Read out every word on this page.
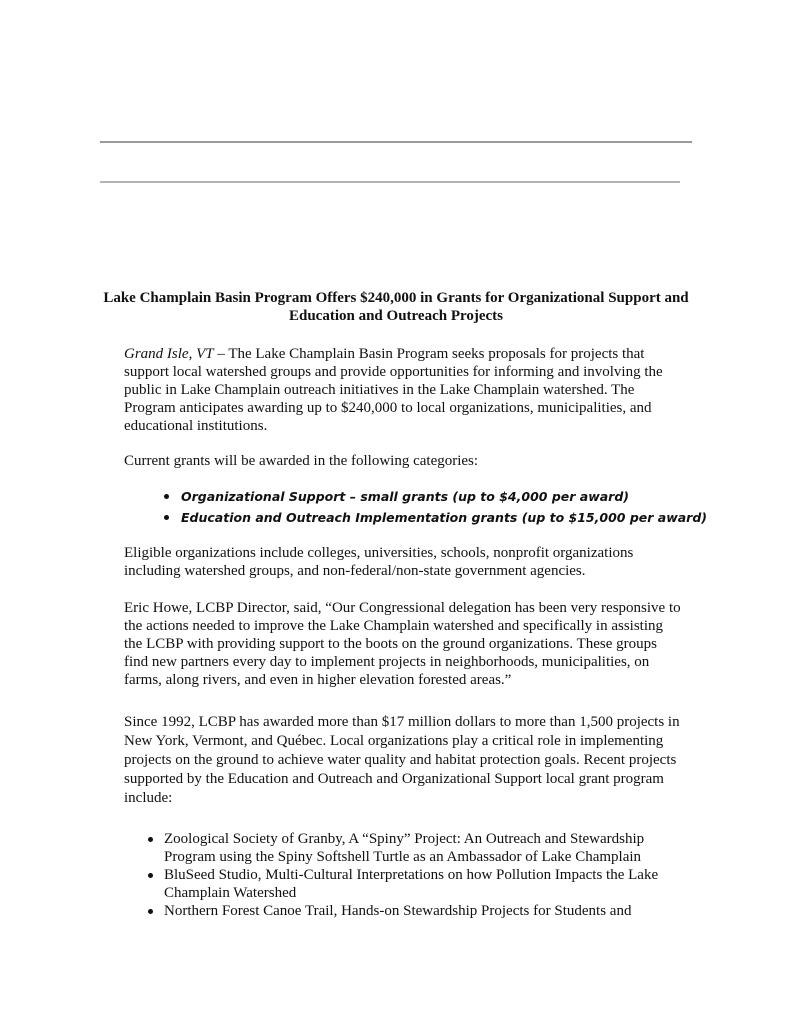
Lake Champlain Basin Program Offers $240,000 in Grants for Organizational Support and Education and Outreach Projects

Grand Isle, VT – The Lake Champlain Basin Program seeks proposals for projects that support local watershed groups and provide opportunities for informing and involving the public in Lake Champlain outreach initiatives in the Lake Champlain watershed. The Program anticipates awarding up to $240,000 to local organizations, municipalities, and educational institutions.

Current grants will be awarded in the following categories:

Organizational Support – small grants (up to $4,000 per award)
Education and Outreach Implementation grants (up to $15,000 per award)

Eligible organizations include colleges, universities, schools, nonprofit organizations including watershed groups, and non-federal/non-state government agencies.

Eric Howe, LCBP Director, said, “Our Congressional delegation has been very responsive to the actions needed to improve the Lake Champlain watershed and specifically in assisting the LCBP with providing support to the boots on the ground organizations. These groups find new partners every day to implement projects in neighborhoods, municipalities, on farms, along rivers, and even in higher elevation forested areas.”

Since 1992, LCBP has awarded more than $17 million dollars to more than 1,500 projects in New York, Vermont, and Québec. Local organizations play a critical role in implementing projects on the ground to achieve water quality and habitat protection goals. Recent projects supported by the Education and Outreach and Organizational Support local grant program include:

Zoological Society of Granby, A “Spiny” Project: An Outreach and Stewardship Program using the Spiny Softshell Turtle as an Ambassador of Lake Champlain
BluSeed Studio, Multi-Cultural Interpretations on how Pollution Impacts the Lake Champlain Watershed
Northern Forest Canoe Trail, Hands-on Stewardship Projects for Students and
